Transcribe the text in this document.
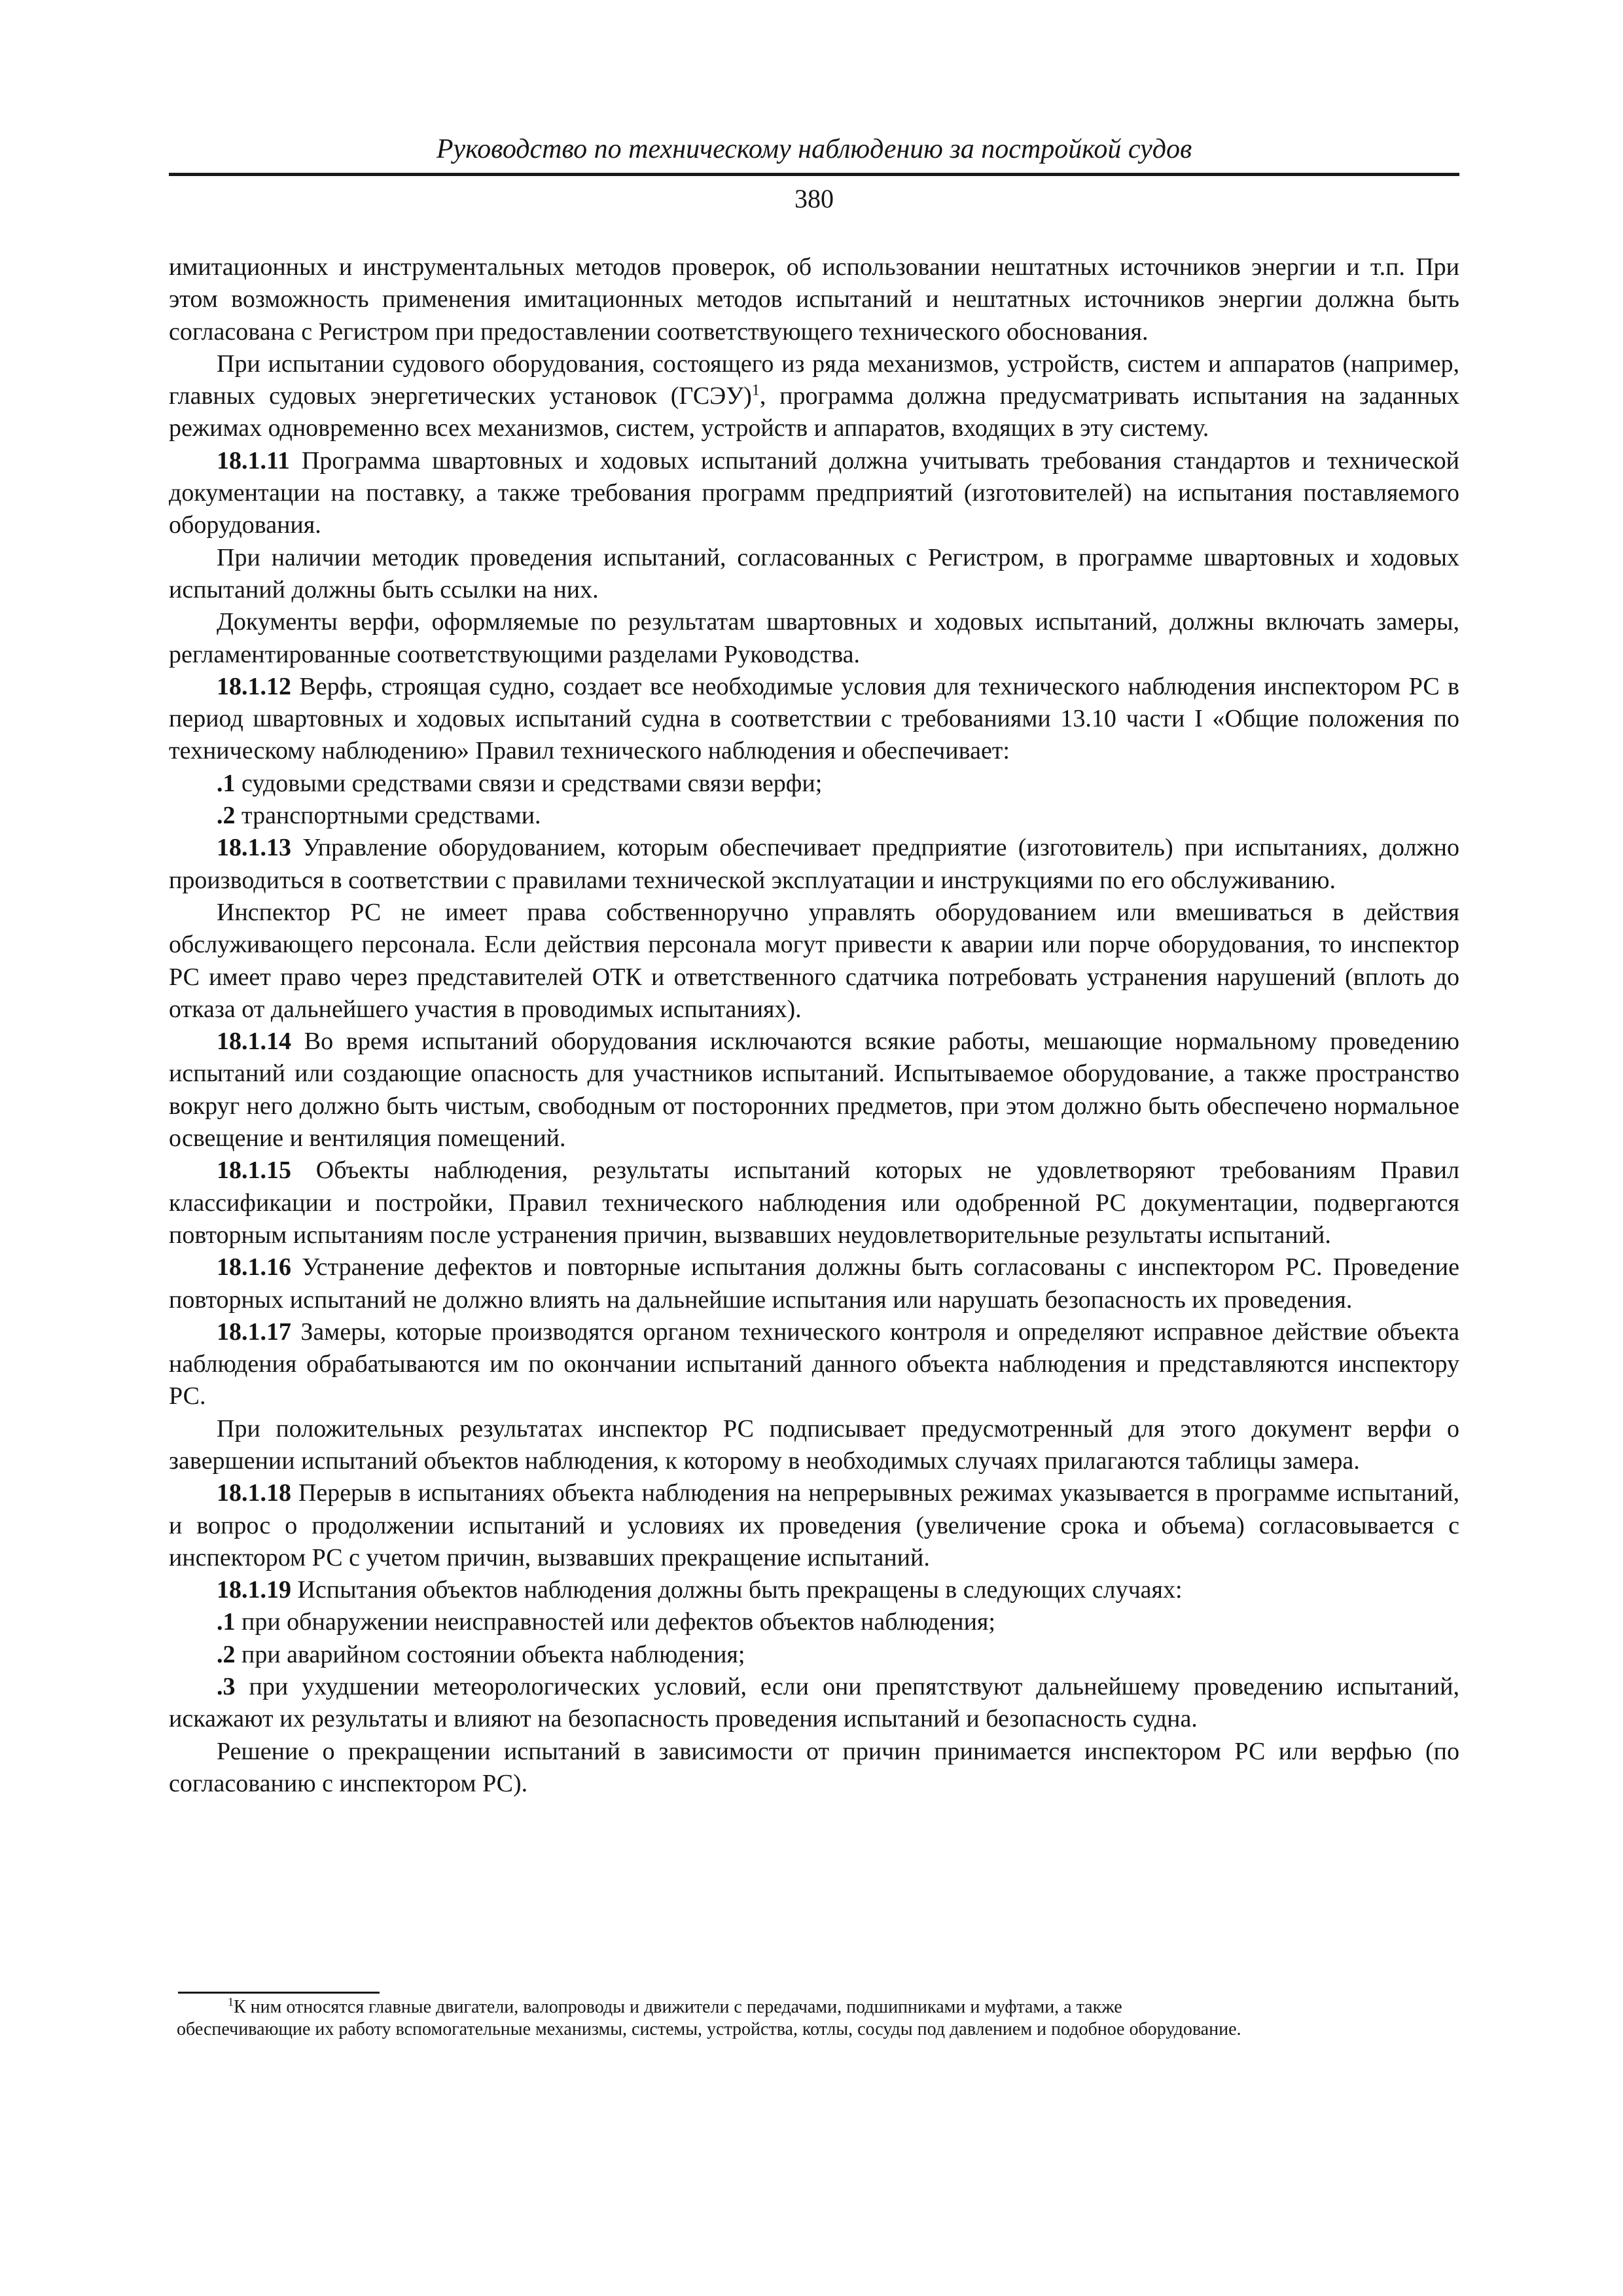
Руководство по техническому наблюдению за постройкой судов
380

имитационных и инструментальных методов проверок, об использовании нештатных источников энергии и т.п. При этом возможность применения имитационных методов испытаний и нештатных источников энергии должна быть согласована с Регистром при предоставлении соответствующего технического обоснования.

При испытании судового оборудования, состоящего из ряда механизмов, устройств, систем и аппаратов (например, главных судовых энергетических установок (ГСЭУ)$^1$, программа должна предусматривать испытания на заданных режимах одновременно всех механизмов, систем, устройств и аппаратов, входящих в эту систему.

18.1.11 Программа швартовных и ходовых испытаний должна учитывать требования стандартов и технической документации на поставку, а также требования программ предприятий (изготовителей) на испытания поставляемого оборудования.

При наличии методик проведения испытаний, согласованных с Регистром, в программе швартовных и ходовых испытаний должны быть ссылки на них.

Документы верфи, оформляемые по результатам швартовных и ходовых испытаний, должны включать замеры, регламентированные соответствующими разделами Руководства.

18.1.12 Верфь, строящая судно, создает все необходимые условия для технического наблюдения инспектором РС в период швартовных и ходовых испытаний судна в соответствии с требованиями 13.10 части I «Общие положения по техническому наблюдению» Правил технического наблюдения и обеспечивает:

.1 судовыми средствами связи и средствами связи верфи;

.2 транспортными средствами.

18.1.13 Управление оборудованием, которым обеспечивает предприятие (изготовитель) при испытаниях, должно производиться в соответствии с правилами технической эксплуатации и инструкциями по его обслуживанию.

Инспектор РС не имеет права собственноручно управлять оборудованием или вмешиваться в действия обслуживающего персонала. Если действия персонала могут привести к аварии или порче оборудования, то инспектор РС имеет право через представителей ОТК и ответственного сдатчика потребовать устранения нарушений (вплоть до отказа от дальнейшего участия в проводимых испытаниях).

18.1.14 Во время испытаний оборудования исключаются всякие работы, мешающие нормальному проведению испытаний или создающие опасность для участников испытаний. Испытываемое оборудование, а также пространство вокруг него должно быть чистым, свободным от посторонних предметов, при этом должно быть обеспечено нормальное освещение и вентиляция помещений.

18.1.15 Объекты наблюдения, результаты испытаний которых не удовлетворяют требованиям Правил классификации и постройки, Правил технического наблюдения или одобренной РС документации, подвергаются повторным испытаниям после устранения причин, вызвавших неудовлетворительные результаты испытаний.

18.1.16 Устранение дефектов и повторные испытания должны быть согласованы с инспектором РС. Проведение повторных испытаний не должно влиять на дальнейшие испытания или нарушать безопасность их проведения.

18.1.17 Замеры, которые производятся органом технического контроля и определяют исправное действие объекта наблюдения обрабатываются им по окончании испытаний данного объекта наблюдения и представляются инспектору РС.

При положительных результатах инспектор РС подписывает предусмотренный для этого документ верфи о завершении испытаний объектов наблюдения, к которому в необходимых случаях прилагаются таблицы замера.

18.1.18 Перерыв в испытаниях объекта наблюдения на непрерывных режимах указывается в программе испытаний, и вопрос о продолжении испытаний и условиях их проведения (увеличение срока и объема) согласовывается с инспектором РС с учетом причин, вызвавших прекращение испытаний.

18.1.19 Испытания объектов наблюдения должны быть прекращены в следующих случаях:

.1 при обнаружении неисправностей или дефектов объектов наблюдения;

.2 при аварийном состоянии объекта наблюдения;

.3 при ухудшении метеорологических условий, если они препятствуют дальнейшему проведению испытаний, искажают их результаты и влияют на безопасность проведения испытаний и безопасность судна.

Решение о прекращении испытаний в зависимости от причин принимается инспектором РС или верфью (по согласованию с инспектором РС).

$^1$К ним относятся главные двигатели, валопроводы и движители с передачами, подшипниками и муфтами, а также
обеспечивающие их работу вспомогательные механизмы, системы, устройства, котлы, сосуды под давлением и подобное оборудование.
